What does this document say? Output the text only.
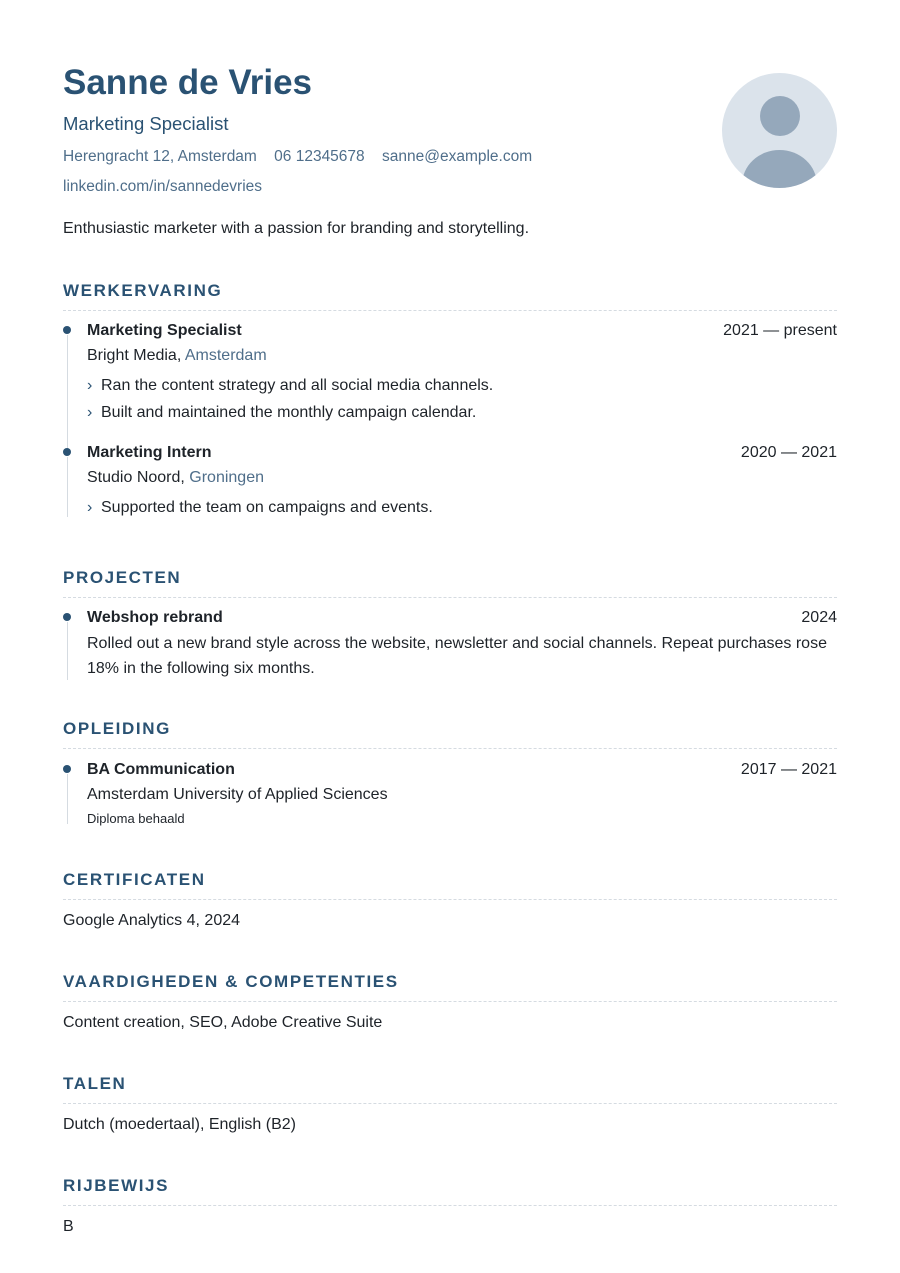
Sanne de Vries
Marketing Specialist
Herengracht 12, Amsterdam 06 12345678 sanne@example.com
linkedin.com/in/sannedevries
Enthusiastic marketer with a passion for branding and storytelling.
WERKERVARING
Marketing Specialist	2021 — present
Bright Media, Amsterdam
› Ran the content strategy and all social media channels.
› Built and maintained the monthly campaign calendar.
Marketing Intern	2020 — 2021
Studio Noord, Groningen
› Supported the team on campaigns and events.
PROJECTEN
Webshop rebrand	2024
Rolled out a new brand style across the website, newsletter and social channels. Repeat purchases rose 18% in the following six months.
OPLEIDING
BA Communication	2017 — 2021
Amsterdam University of Applied Sciences
Diploma behaald
CERTIFICATEN
Google Analytics 4, 2024
VAARDIGHEDEN & COMPETENTIES
Content creation, SEO, Adobe Creative Suite
TALEN
Dutch (moedertaal), English (B2)
RIJBEWIJS
B
